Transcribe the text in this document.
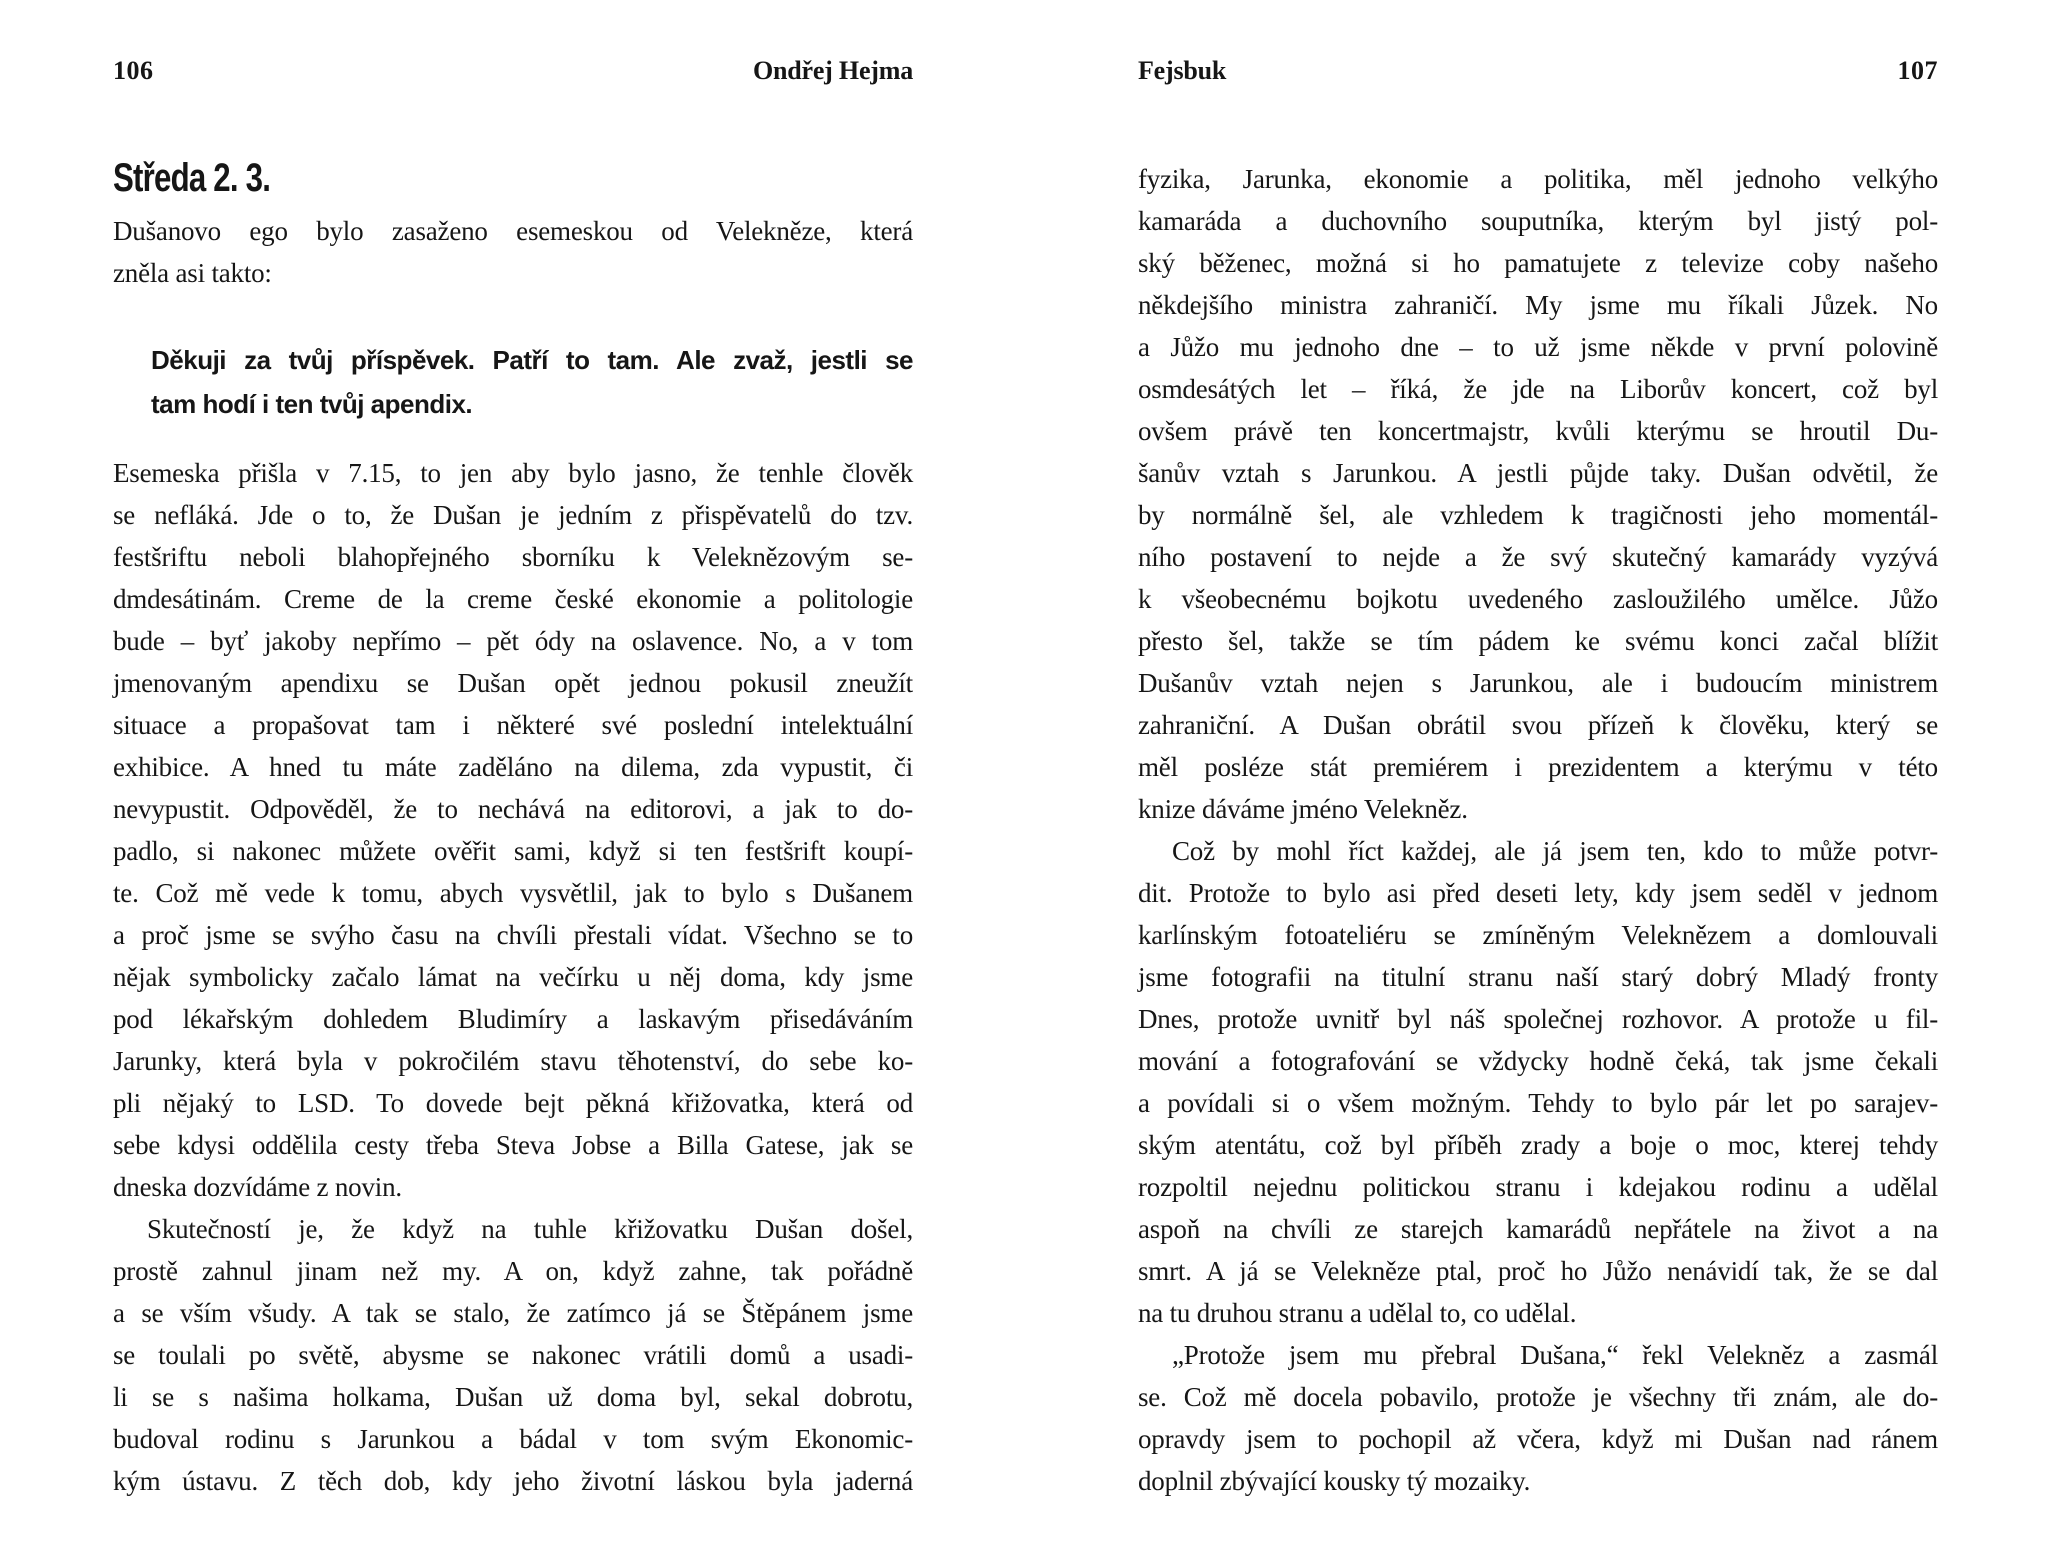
106	Ondřej Hejma
Středa 2. 3.
Dušanovo ego bylo zasaženo esemeskou od Velekněze, která
zněla asi takto:
Děkuji za tvůj příspěvek. Patří to tam. Ale zvaž, jestli se
tam hodí i ten tvůj apendix.
Esemeska přišla v 7.15, to jen aby bylo jasno, že tenhle člověk
se nefláká. Jde o to, že Dušan je jedním z přispěvatelů do tzv.
festšriftu neboli blahopřejného sborníku k Veleknězovým se-
dmdesátinám. Creme de la creme české ekonomie a politologie
bude – byť jakoby nepřímo – pět ódy na oslavence. No, a v tom
jmenovaným apendixu se Dušan opět jednou pokusil zneužít
situace a propašovat tam i některé své poslední intelektuální
exhibice. A hned tu máte zaděláno na dilema, zda vypustit, či
nevypustit. Odpověděl, že to nechává na editorovi, a jak to do-
padlo, si nakonec můžete ověřit sami, když si ten festšrift koupí-
te. Což mě vede k tomu, abych vysvětlil, jak to bylo s Dušanem
a proč jsme se svýho času na chvíli přestali vídat. Všechno se to
nějak symbolicky začalo lámat na večírku u něj doma, kdy jsme
pod lékařským dohledem Bludimíry a laskavým přisedáváním
Jarunky, která byla v pokročilém stavu těhotenství, do sebe ko-
pli nějaký to LSD. To dovede bejt pěkná křižovatka, která od
sebe kdysi oddělila cesty třeba Steva Jobse a Billa Gatese, jak se
dneska dozvídáme z novin.
Skutečností je, že když na tuhle křižovatku Dušan došel,
prostě zahnul jinam než my. A on, když zahne, tak pořádně
a se vším všudy. A tak se stalo, že zatímco já se Štěpánem jsme
se toulali po světě, abysme se nakonec vrátili domů a usadi-
li se s našima holkama, Dušan už doma byl, sekal dobrotu,
budoval rodinu s Jarunkou a bádal v tom svým Ekonomic-
kým ústavu. Z těch dob, kdy jeho životní láskou byla jaderná
Fejsbuk	107
fyzika, Jarunka, ekonomie a politika, měl jednoho velkýho
kamaráda a duchovního souputníka, kterým byl jistý pol-
ský běženec, možná si ho pamatujete z televize coby našeho
někdejšího ministra zahraničí. My jsme mu říkali Jůzek. No
a Jůžo mu jednoho dne – to už jsme někde v první polovině
osmdesátých let – říká, že jde na Liborův koncert, což byl
ovšem právě ten koncertmajstr, kvůli kterýmu se hroutil Du-
šanův vztah s Jarunkou. A jestli půjde taky. Dušan odvětil, že
by normálně šel, ale vzhledem k tragičnosti jeho momentál-
ního postavení to nejde a že svý skutečný kamarády vyzývá
k všeobecnému bojkotu uvedeného zasloužilého umělce. Jůžo
přesto šel, takže se tím pádem ke svému konci začal blížit
Dušanův vztah nejen s Jarunkou, ale i budoucím ministrem
zahraniční. A Dušan obrátil svou přízeň k člověku, který se
měl posléze stát premiérem i prezidentem a kterýmu v této
knize dáváme jméno Velekněz.
Což by mohl říct každej, ale já jsem ten, kdo to může potvr-
dit. Protože to bylo asi před deseti lety, kdy jsem seděl v jednom
karlínským fotoateliéru se zmíněným Veleknězem a domlouvali
jsme fotografii na titulní stranu naší starý dobrý Mladý fronty
Dnes, protože uvnitř byl náš společnej rozhovor. A protože u fil-
mování a fotografování se vždycky hodně čeká, tak jsme čekali
a povídali si o všem možným. Tehdy to bylo pár let po sarajev-
ským atentátu, což byl příběh zrady a boje o moc, kterej tehdy
rozpoltil nejednu politickou stranu i kdejakou rodinu a udělal
aspoň na chvíli ze starejch kamarádů nepřátele na život a na
smrt. A já se Velekněze ptal, proč ho Jůžo nenávidí tak, že se dal
na tu druhou stranu a udělal to, co udělal.
„Protože jsem mu přebral Dušana,“ řekl Velekněz a zasmál
se. Což mě docela pobavilo, protože je všechny tři znám, ale do-
opravdy jsem to pochopil až včera, když mi Dušan nad ránem
doplnil zbývající kousky tý mozaiky.
